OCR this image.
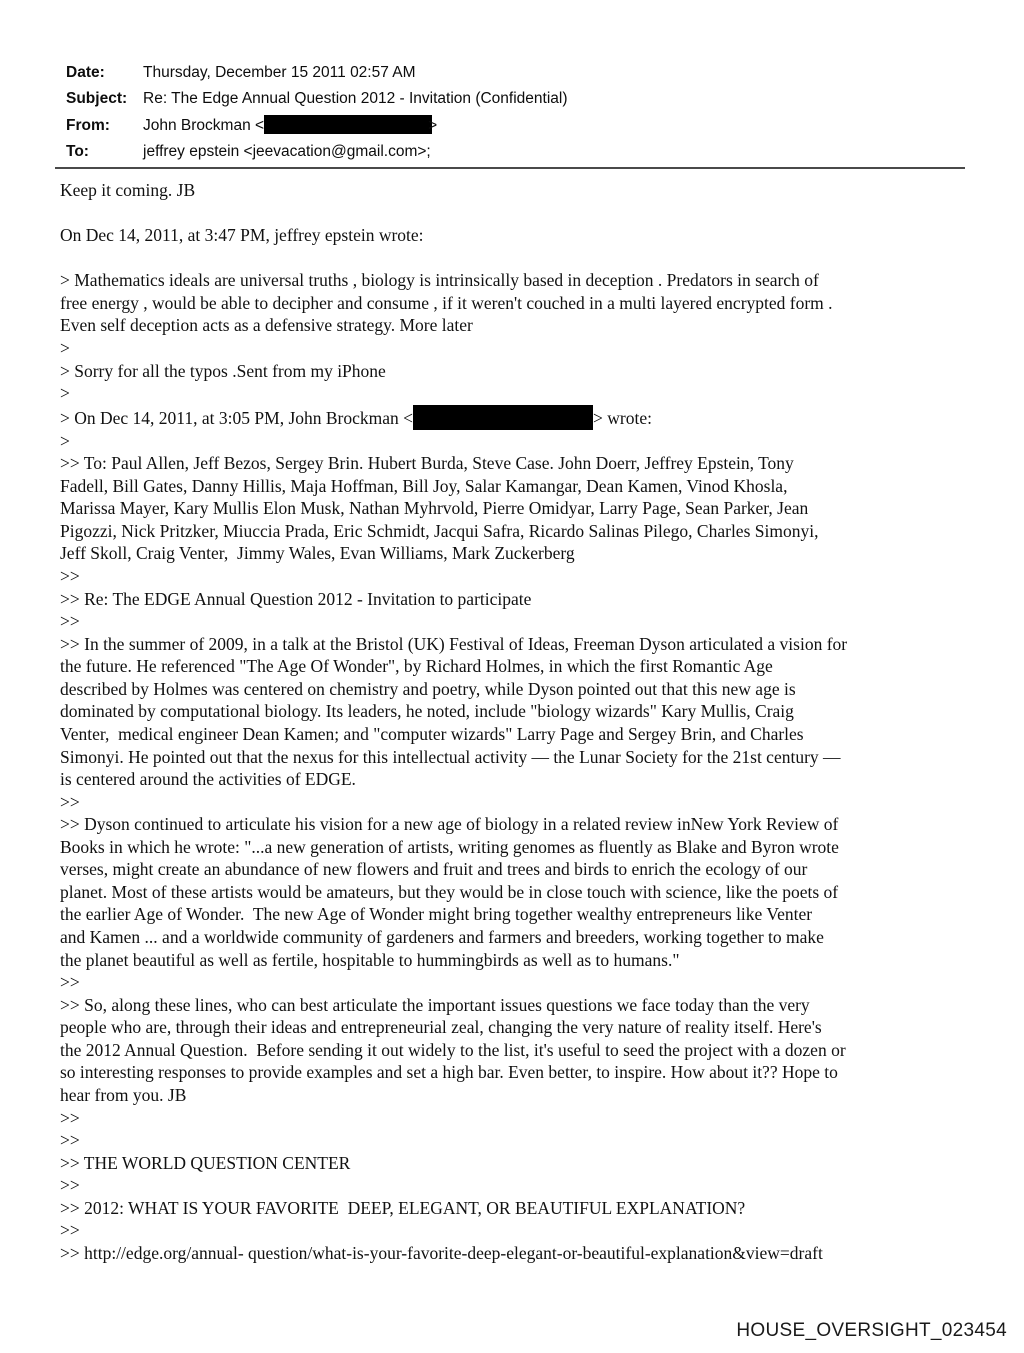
Date:	Thursday, December 15 2011 02:57 AM
Subject:	Re: The Edge Annual Question 2012 - Invitation (Confidential)
From:	John Brockman <	>
To:	jeffrey epstein <jeevacation@gmail.com>;
Keep it coming. JB

On Dec 14, 2011, at 3:47 PM, jeffrey epstein wrote:

> Mathematics ideals are universal truths , biology is intrinsically based in deception . Predators in search of
free energy , would be able to decipher and consume , if it weren't couched in a multi layered encrypted form .
Even self deception acts as a defensive strategy. More later
>
> Sorry for all the typos .Sent from my iPhone
>
> On Dec 14, 2011, at 3:05 PM, John Brockman <	> wrote:
>
>> To: Paul Allen, Jeff Bezos, Sergey Brin. Hubert Burda, Steve Case. John Doerr, Jeffrey Epstein, Tony
Fadell, Bill Gates, Danny Hillis, Maja Hoffman, Bill Joy, Salar Kamangar, Dean Kamen, Vinod Khosla,
Marissa Mayer, Kary Mullis Elon Musk, Nathan Myhrvold, Pierre Omidyar, Larry Page, Sean Parker, Jean
Pigozzi, Nick Pritzker, Miuccia Prada, Eric Schmidt, Jacqui Safra, Ricardo Salinas Pilego, Charles Simonyi,
Jeff Skoll, Craig Venter,  Jimmy Wales, Evan Williams, Mark Zuckerberg
>>
>> Re: The EDGE Annual Question 2012 - Invitation to participate
>>
>> In the summer of 2009, in a talk at the Bristol (UK) Festival of Ideas, Freeman Dyson articulated a vision for
the future. He referenced "The Age Of Wonder", by Richard Holmes, in which the first Romantic Age
described by Holmes was centered on chemistry and poetry, while Dyson pointed out that this new age is
dominated by computational biology. Its leaders, he noted, include "biology wizards" Kary Mullis, Craig
Venter,  medical engineer Dean Kamen; and "computer wizards" Larry Page and Sergey Brin, and Charles
Simonyi. He pointed out that the nexus for this intellectual activity — the Lunar Society for the 21st century —
is centered around the activities of EDGE.
>>
>> Dyson continued to articulate his vision for a new age of biology in a related review inNew York Review of
Books in which he wrote: "...a new generation of artists, writing genomes as fluently as Blake and Byron wrote
verses, might create an abundance of new flowers and fruit and trees and birds to enrich the ecology of our
planet. Most of these artists would be amateurs, but they would be in close touch with science, like the poets of
the earlier Age of Wonder.  The new Age of Wonder might bring together wealthy entrepreneurs like Venter
and Kamen ... and a worldwide community of gardeners and farmers and breeders, working together to make
the planet beautiful as well as fertile, hospitable to hummingbirds as well as to humans."
>>
>> So, along these lines, who can best articulate the important issues questions we face today than the very
people who are, through their ideas and entrepreneurial zeal, changing the very nature of reality itself. Here's
the 2012 Annual Question.  Before sending it out widely to the list, it's useful to seed the project with a dozen or
so interesting responses to provide examples and set a high bar. Even better, to inspire. How about it?? Hope to
hear from you. JB
>>
>>
>> THE WORLD QUESTION CENTER
>>
>> 2012: WHAT IS YOUR FAVORITE  DEEP, ELEGANT, OR BEAUTIFUL EXPLANATION?
>>
>> http://edge.org/annual- question/what-is-your-favorite-deep-elegant-or-beautiful-explanation&view=draft
HOUSE_OVERSIGHT_023454
